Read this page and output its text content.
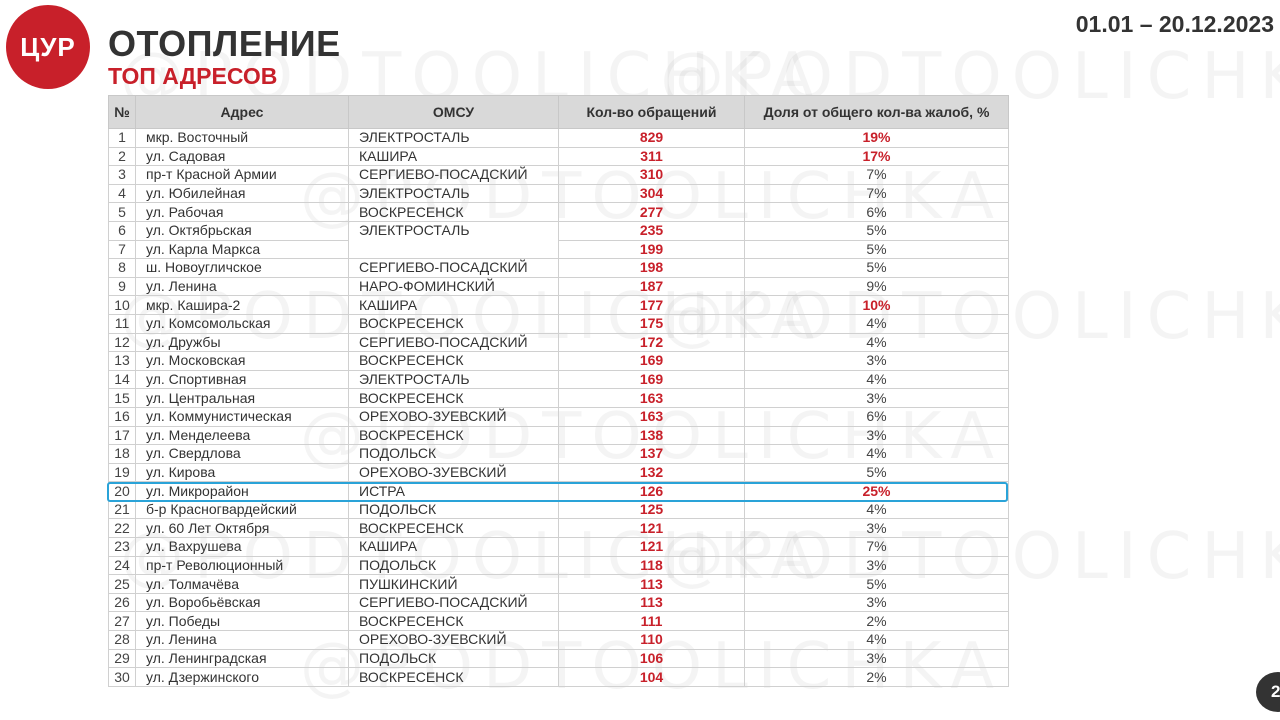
ЦУР ОТОПЛЕНИЕ
ТОП АДРЕСОВ
01.01 – 20.12.2023
№	Адрес	ОМСУ	Кол-во обращений	Доля от общего кол-ва жалоб, %
1	мкр. Восточный	ЭЛЕКТРОСТАЛЬ	829	19%
2	ул. Садовая	КАШИРА	311	17%
3	пр-т Красной Армии	СЕРГИЕВО-ПОСАДСКИЙ	310	7%
4	ул. Юбилейная	ЭЛЕКТРОСТАЛЬ	304	7%
5	ул. Рабочая	ВОСКРЕСЕНСК	277	6%
6	ул. Октябрьская	ЭЛЕКТРОСТАЛЬ	235	5%
7	ул. Карла Маркса		199	5%
8	ш. Новоугличское	СЕРГИЕВО-ПОСАДСКИЙ	198	5%
9	ул. Ленина	НАРО-ФОМИНСКИЙ	187	9%
10	мкр. Кашира-2	КАШИРА	177	10%
11	ул. Комсомольская	ВОСКРЕСЕНСК	175	4%
12	ул. Дружбы	СЕРГИЕВО-ПОСАДСКИЙ	172	4%
13	ул. Московская	ВОСКРЕСЕНСК	169	3%
14	ул. Спортивная	ЭЛЕКТРОСТАЛЬ	169	4%
15	ул. Центральная	ВОСКРЕСЕНСК	163	3%
16	ул. Коммунистическая	ОРЕХОВО-ЗУЕВСКИЙ	163	6%
17	ул. Менделеева	ВОСКРЕСЕНСК	138	3%
18	ул. Свердлова	ПОДОЛЬСК	137	4%
19	ул. Кирова	ОРЕХОВО-ЗУЕВСКИЙ	132	5%
20	ул. Микрорайон	ИСТРА	126	25%
21	б-р Красногвардейский	ПОДОЛЬСК	125	4%
22	ул. 60 Лет Октября	ВОСКРЕСЕНСК	121	3%
23	ул. Вахрушева	КАШИРА	121	7%
24	пр-т Революционный	ПОДОЛЬСК	118	3%
25	ул. Толмачёва	ПУШКИНСКИЙ	113	5%
26	ул. Воробьёвская	СЕРГИЕВО-ПОСАДСКИЙ	113	3%
27	ул. Победы	ВОСКРЕСЕНСК	111	2%
28	ул. Ленина	ОРЕХОВО-ЗУЕВСКИЙ	110	4%
29	ул. Ленинградская	ПОДОЛЬСК	106	3%
30	ул. Дзержинского	ВОСКРЕСЕНСК	104	2%
2
